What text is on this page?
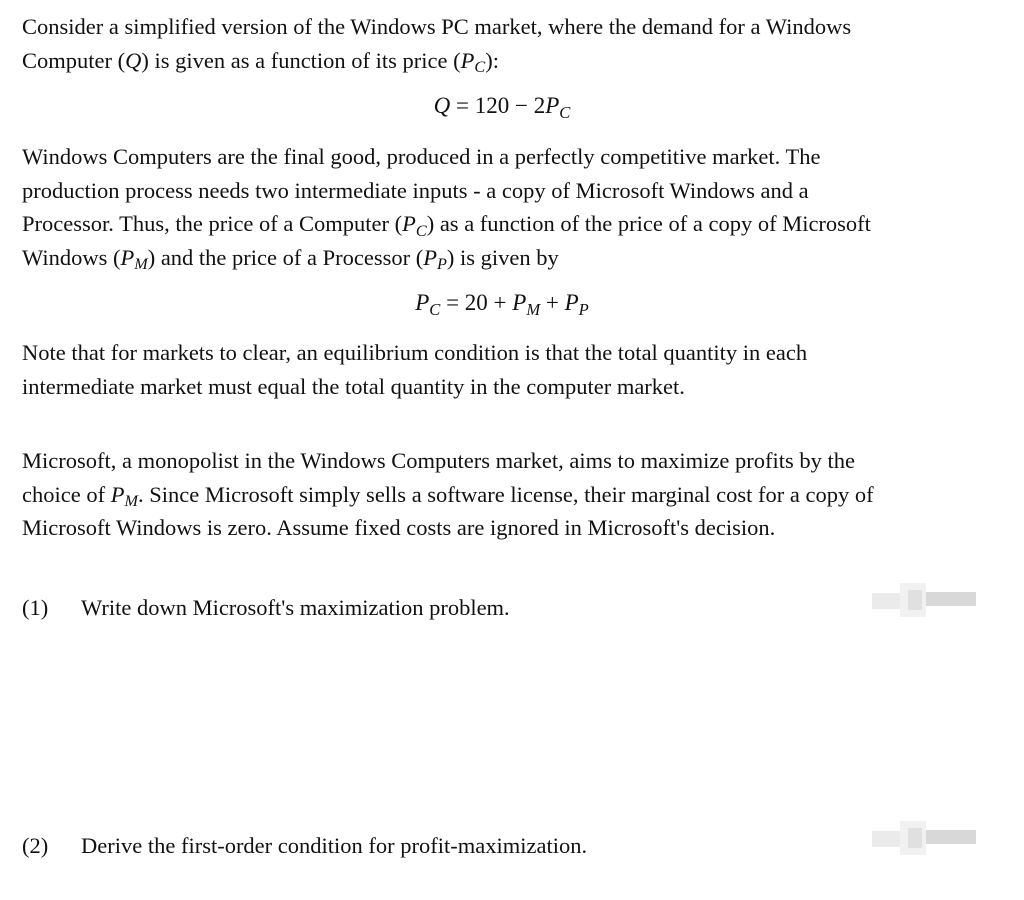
Consider a simplified version of the Windows PC market, where the demand for a Windows
Computer (Q) is given as a function of its price $(P_C)$:

$Q = 120 - 2P_C$

Windows Computers are the final good, produced in a perfectly competitive market. The
production process needs two intermediate inputs - a copy of Microsoft Windows and a
Processor. Thus, the price of a Computer $(P_C)$ as a function of the price of a copy of Microsoft
Windows $(P_M)$ and the price of a Processor $(P_P)$ is given by

$P_C = 20 + P_M + P_P$

Note that for markets to clear, an equilibrium condition is that the total quantity in each
intermediate market must equal the total quantity in the computer market.

Microsoft, a monopolist in the Windows Computers market, aims to maximize profits by the
choice of $P_M$. Since Microsoft simply sells a software license, their marginal cost for a copy of
Microsoft Windows is zero. Assume fixed costs are ignored in Microsoft's decision.

(1) Write down Microsoft's maximization problem.
(2) Derive the first-order condition for profit-maximization.
